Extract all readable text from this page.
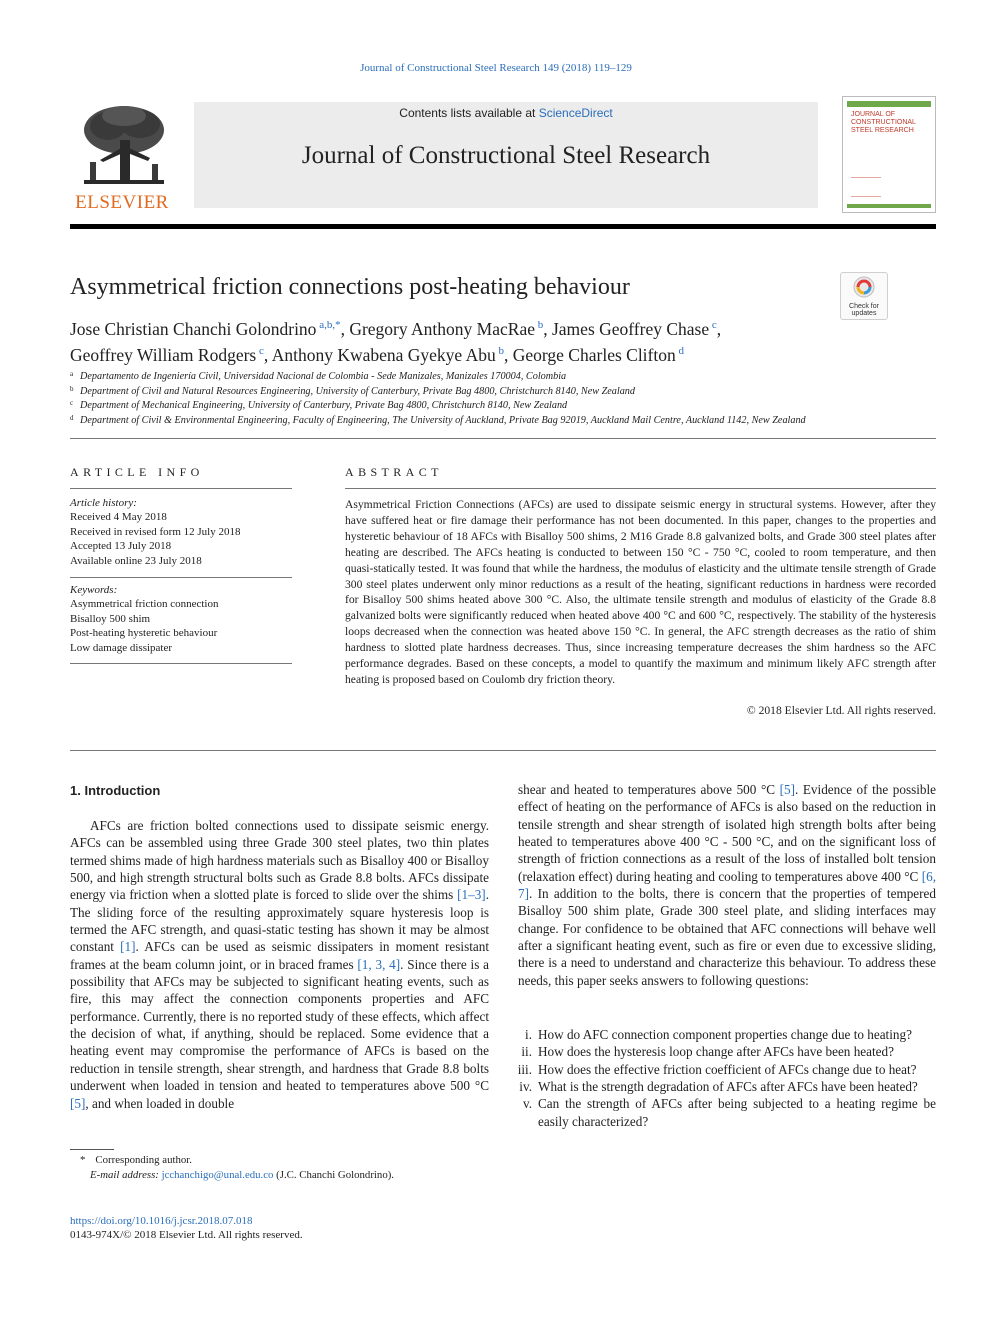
Journal of Constructional Steel Research 149 (2018) 119–129
ELSEVIER
Contents lists available at ScienceDirect
Journal of Constructional Steel Research
JOURNAL OF CONSTRUCTIONAL STEEL RESEARCH
Asymmetrical friction connections post-heating behaviour
Check for updates
Jose Christian Chanchi Golondrino $^{a,b,*}$, Gregory Anthony MacRae $^b$, James Geoffrey Chase $^c$,
Geoffrey William Rodgers $^c$, Anthony Kwabena Gyekye Abu $^b$, George Charles Clifton $^d$
a Departamento de Ingeniería Civil, Universidad Nacional de Colombia - Sede Manizales, Manizales 170004, Colombia
b Department of Civil and Natural Resources Engineering, University of Canterbury, Private Bag 4800, Christchurch 8140, New Zealand
c Department of Mechanical Engineering, University of Canterbury, Private Bag 4800, Christchurch 8140, New Zealand
d Department of Civil & Environmental Engineering, Faculty of Engineering, The University of Auckland, Private Bag 92019, Auckland Mail Centre, Auckland 1142, New Zealand
ARTICLE INFO	ABSTRACT
Article history:
Received 4 May 2018
Received in revised form 12 July 2018
Accepted 13 July 2018
Available online 23 July 2018
Keywords:
Asymmetrical friction connection
Bisalloy 500 shim
Post-heating hysteretic behaviour
Low damage dissipater
Asymmetrical Friction Connections (AFCs) are used to dissipate seismic energy in structural systems. However, after they have suffered heat or fire damage their performance has not been documented. In this paper, changes to the properties and hysteretic behaviour of 18 AFCs with Bisalloy 500 shims, 2 M16 Grade 8.8 galvanized bolts, and Grade 300 steel plates after heating are described. The AFCs heating is conducted to between 150 °C - 750 °C, cooled to room temperature, and then quasi-statically tested. It was found that while the hardness, the modulus of elasticity and the ultimate tensile strength of Grade 300 steel plates underwent only minor reductions as a result of the heating, significant reductions in hardness were recorded for Bisalloy 500 shims heated above 300 °C. Also, the ultimate tensile strength and modulus of elasticity of the Grade 8.8 galvanized bolts were significantly reduced when heated above 400 °C and 600 °C, respectively. The stability of the hysteresis loops decreased when the connection was heated above 150 °C. In general, the AFC strength decreases as the ratio of shim hardness to slotted plate hardness decreases. Thus, since increasing temperature decreases the shim hardness so the AFC performance degrades. Based on these concepts, a model to quantify the maximum and minimum likely AFC strength after heating is proposed based on Coulomb dry friction theory.
© 2018 Elsevier Ltd. All rights reserved.
1. Introduction
AFCs are friction bolted connections used to dissipate seismic energy. AFCs can be assembled using three Grade 300 steel plates, two thin plates termed shims made of high hardness materials such as Bisalloy 400 or Bisalloy 500, and high strength structural bolts such as Grade 8.8 bolts. AFCs dissipate energy via friction when a slotted plate is forced to slide over the shims [1–3]. The sliding force of the resulting approximately square hysteresis loop is termed the AFC strength, and quasi-static testing has shown it may be almost constant [1]. AFCs can be used as seismic dissipaters in moment resistant frames at the beam column joint, or in braced frames [1, 3, 4]. Since there is a possibility that AFCs may be subjected to significant heating events, such as fire, this may affect the connection components properties and AFC performance. Currently, there is no reported study of these effects, which affect the decision of what, if anything, should be replaced. Some evidence that a heating event may compromise the performance of AFCs is based on the reduction in tensile strength, shear strength, and hardness that Grade 8.8 bolts underwent when loaded in tension and heated to temperatures above 500 °C [5], and when loaded in double
shear and heated to temperatures above 500 °C [5]. Evidence of the possible effect of heating on the performance of AFCs is also based on the reduction in tensile strength and shear strength of isolated high strength bolts after being heated to temperatures above 400 °C - 500 °C, and on the significant loss of strength of friction connections as a result of the loss of installed bolt tension (relaxation effect) during heating and cooling to temperatures above 400 °C [6, 7]. In addition to the bolts, there is concern that the properties of tempered Bisalloy 500 shim plate, Grade 300 steel plate, and sliding interfaces may change. For confidence to be obtained that AFC connections will behave well after a significant heating event, such as fire or even due to excessive sliding, there is a need to understand and characterize this behaviour. To address these needs, this paper seeks answers to following questions:
i. How do AFC connection component properties change due to heating?
ii. How does the hysteresis loop change after AFCs have been heated?
iii. How does the effective friction coefficient of AFCs change due to heat?
iv. What is the strength degradation of AFCs after AFCs have been heated?
v. Can the strength of AFCs after being subjected to a heating regime be easily characterized?
* Corresponding author.
E-mail address: jcchanchigo@unal.edu.co (J.C. Chanchi Golondrino).
https://doi.org/10.1016/j.jcsr.2018.07.018
0143-974X/© 2018 Elsevier Ltd. All rights reserved.
